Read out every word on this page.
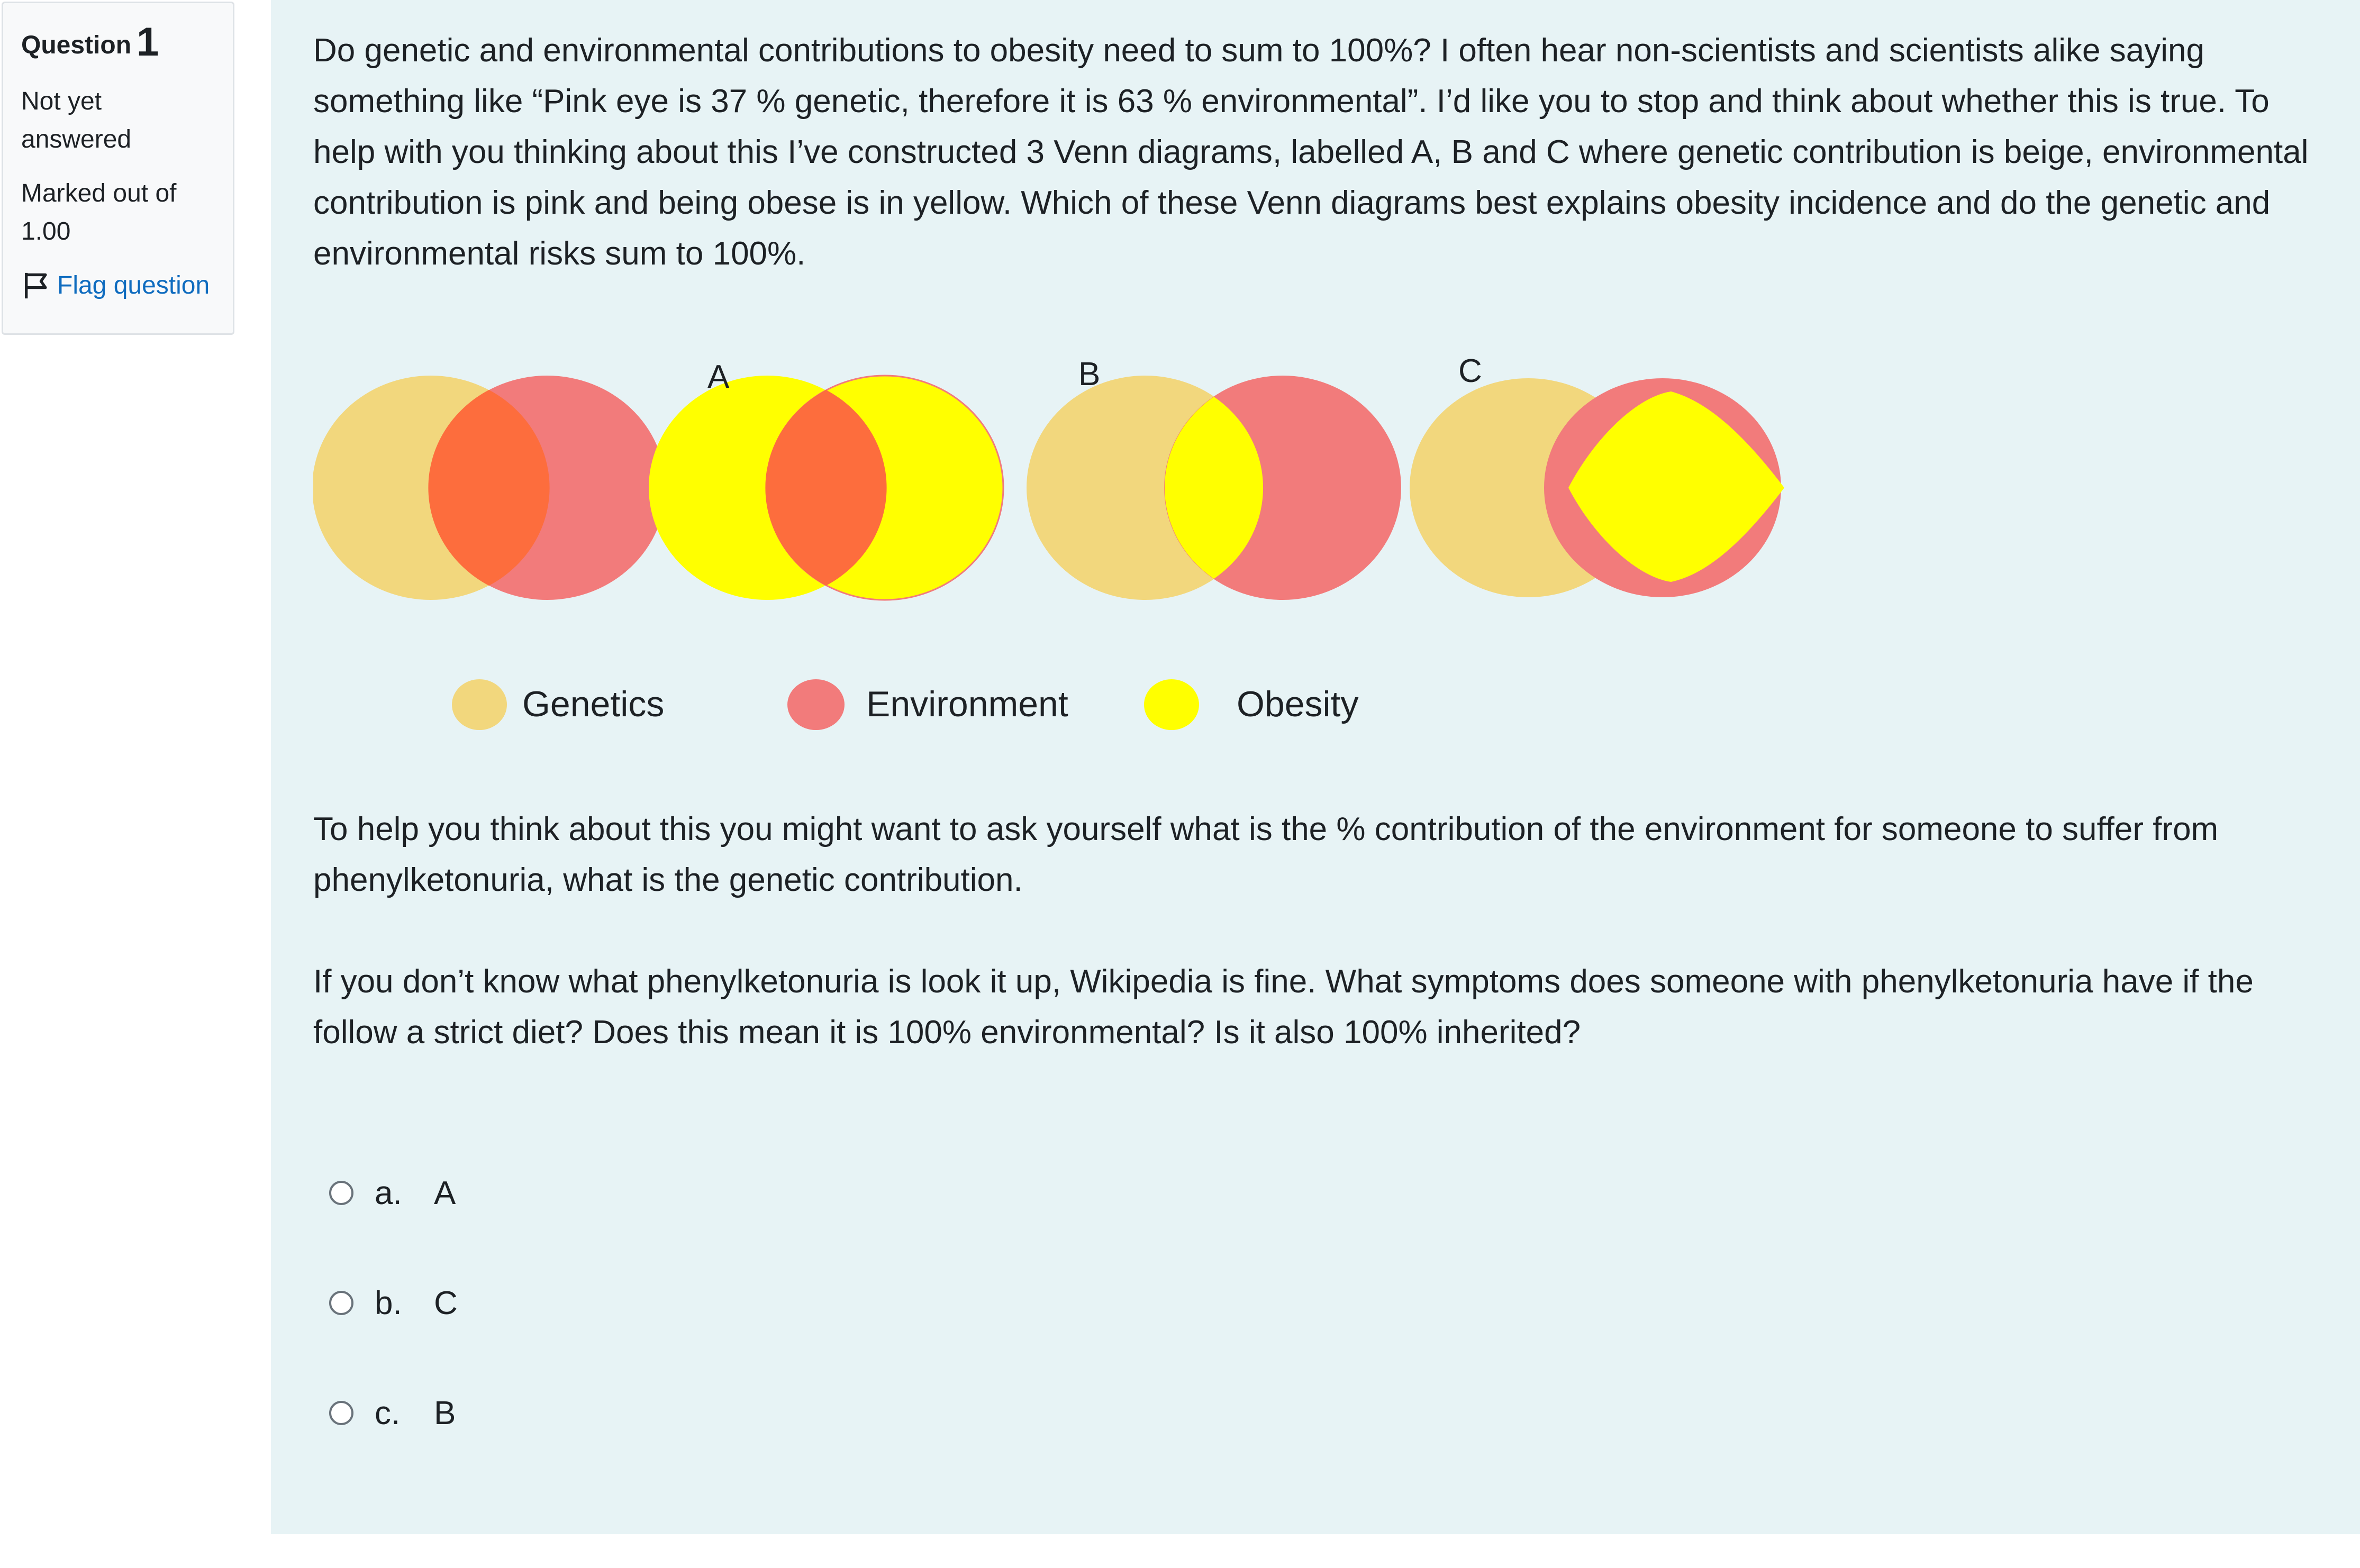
Question 1
Not yet answered
Marked out of 1.00
Flag question

Do genetic and environmental contributions to obesity need to sum to 100%? I often hear non-scientists and scientists alike saying something like “Pink eye is 37 % genetic, therefore it is 63 % environmental”. I’d like you to stop and think about whether this is true. To help with you thinking about this I’ve constructed 3 Venn diagrams, labelled A, B and C where genetic contribution is beige, environmental contribution is pink and being obese is in yellow. Which of these Venn diagrams best explains obesity incidence and do the genetic and environmental risks sum to 100%.

A	B	C
Genetics	Environment	Obesity

To help you think about this you might want to ask yourself what is the % contribution of the environment for someone to suffer from phenylketonuria, what is the genetic contribution.

If you don’t know what phenylketonuria is look it up, Wikipedia is fine. What symptoms does someone with phenylketonuria have if the follow a strict diet? Does this mean it is 100% environmental? Is it also 100% inherited?

a. A
b. C
c.	B
